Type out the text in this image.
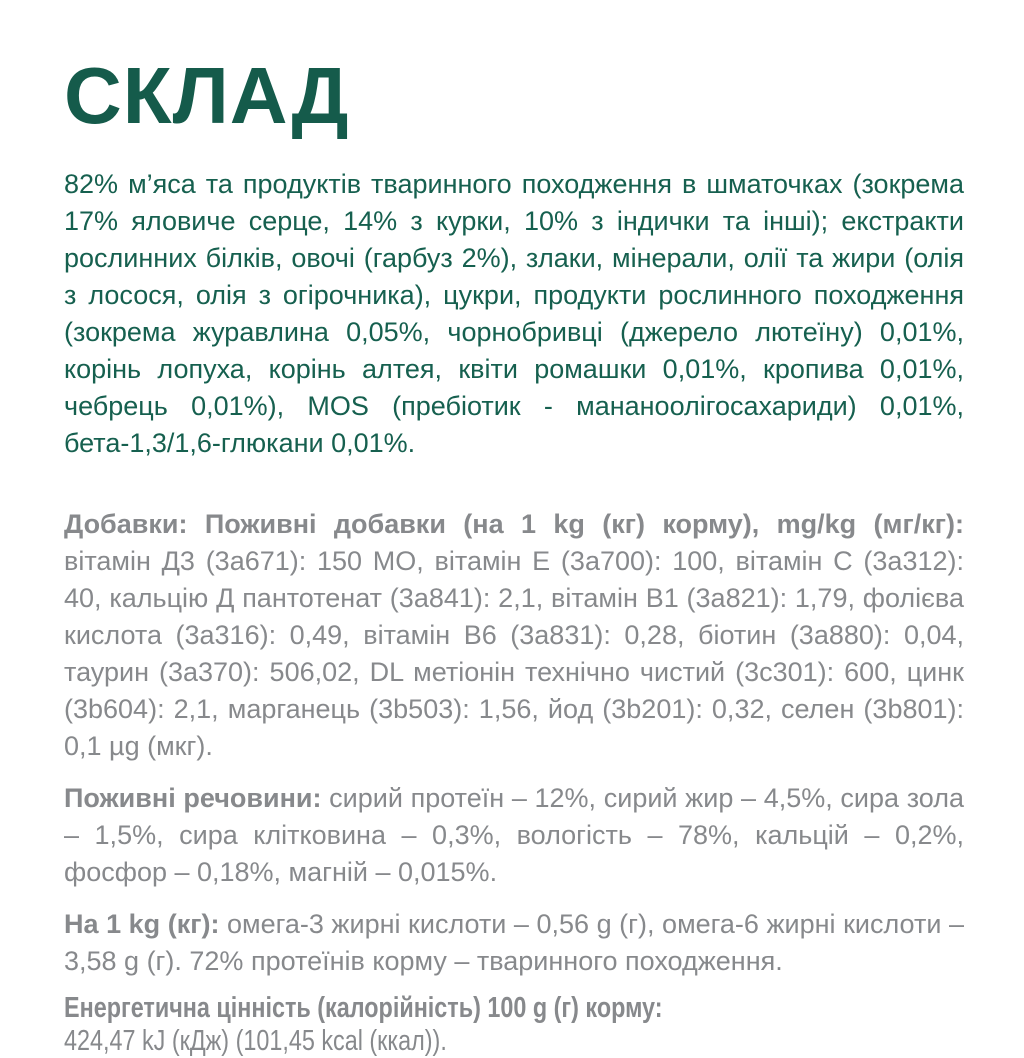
СКЛАД

82% м’яса та продуктів тваринного походження в шматочках (зокрема 17% яловиче серце, 14% з курки, 10% з індички та інші); екстракти рослинних білків, овочі (гарбуз 2%), злаки, мінерали, олії та жири (олія з лосося, олія з огірочника), цукри, продукти рослинного походження (зокрема журавлина 0,05%, чорнобривці (джерело лютеїну) 0,01%, корінь лопуха, корінь алтея, квіти ромашки 0,01%, кропива 0,01%, чебрець 0,01%), MOS (пребіотик - мананоолігосахариди) 0,01%, бета-1,3/1,6-глюкани 0,01%.

Добавки: Поживні добавки (на 1 kg (кг) корму), mg/kg (мг/кг): вітамін Д3 (3a671): 150 МО, вітамін Е (3a700): 100, вітамін С (3a312): 40, кальцію Д пантотенат (3a841): 2,1, вітамін В1 (3a821): 1,79, фолієва кислота (3a316): 0,49, вітамін В6 (3a831): 0,28, біотин (3a880): 0,04, таурин (3a370): 506,02, DL метіонін технічно чистий (3c301): 600, цинк (3b604): 2,1, марганець (3b503): 1,56, йод (3b201): 0,32, селен (3b801): 0,1 µg (мкг).

Поживні речовини: сирий протеїн – 12%, сирий жир – 4,5%, сира зола – 1,5%, сира клітковина – 0,3%, вологість – 78%, кальцій – 0,2%, фосфор – 0,18%, магній – 0,015%.

На 1 kg (кг): омега-3 жирні кислоти – 0,56 g (г), омега-6 жирні кислоти – 3,58 g (г). 72% протеїнів корму – тваринного походження.

Енергетична цінність (калорійність) 100 g (г) корму:
424,47 kJ (кДж) (101,45 kcal (ккал)).
